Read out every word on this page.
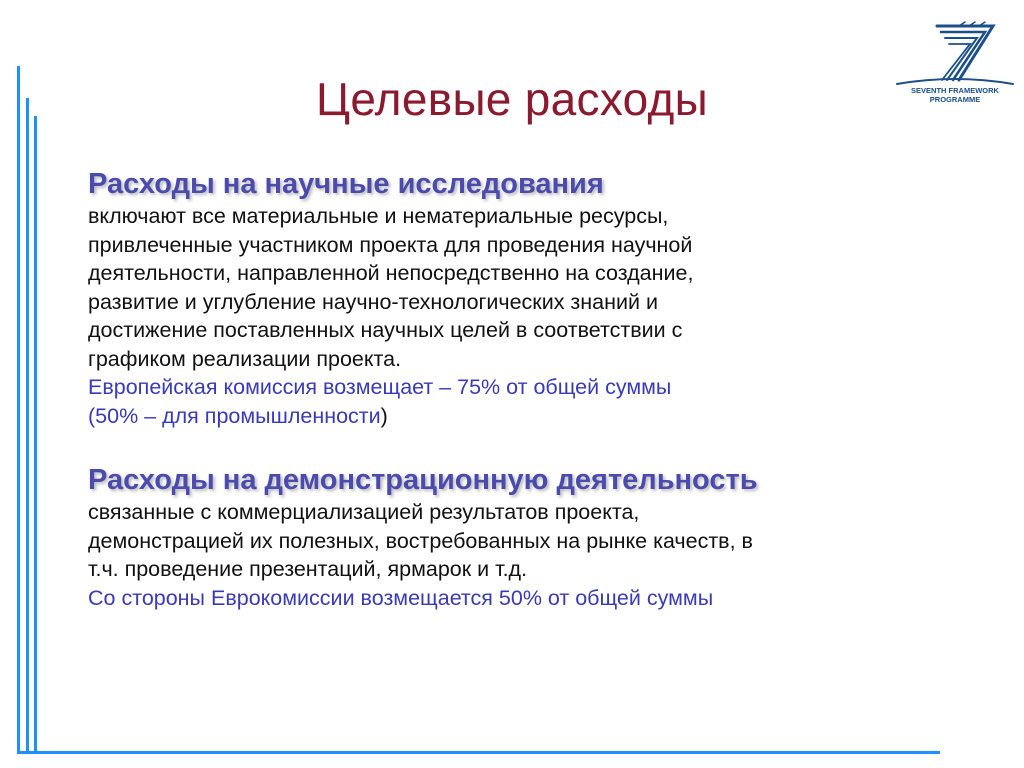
Целевые расходы	SEVENTH FRAMEWORK
PROGRAMME

Расходы на научные исследования

включают все материальные и нематериальные ресурсы,

привлеченные участником проекта для проведения научной

деятельности, направленной непосредственно на создание,

развитие и углубление научно-технологических знаний и

достижение поставленных научных целей в соответствии с

графиком реализации проекта.

Европейская комиссия возмещает – 75% от общей суммы

(50% – для промышленности)

Расходы на демонстрационную деятельность

связанные с коммерциализацией результатов проекта,

демонстрацией их полезных, востребованных на рынке качеств, в

т.ч. проведение презентаций, ярмарок и т.д.

Со стороны Еврокомиссии возмещается 50% от общей суммы
